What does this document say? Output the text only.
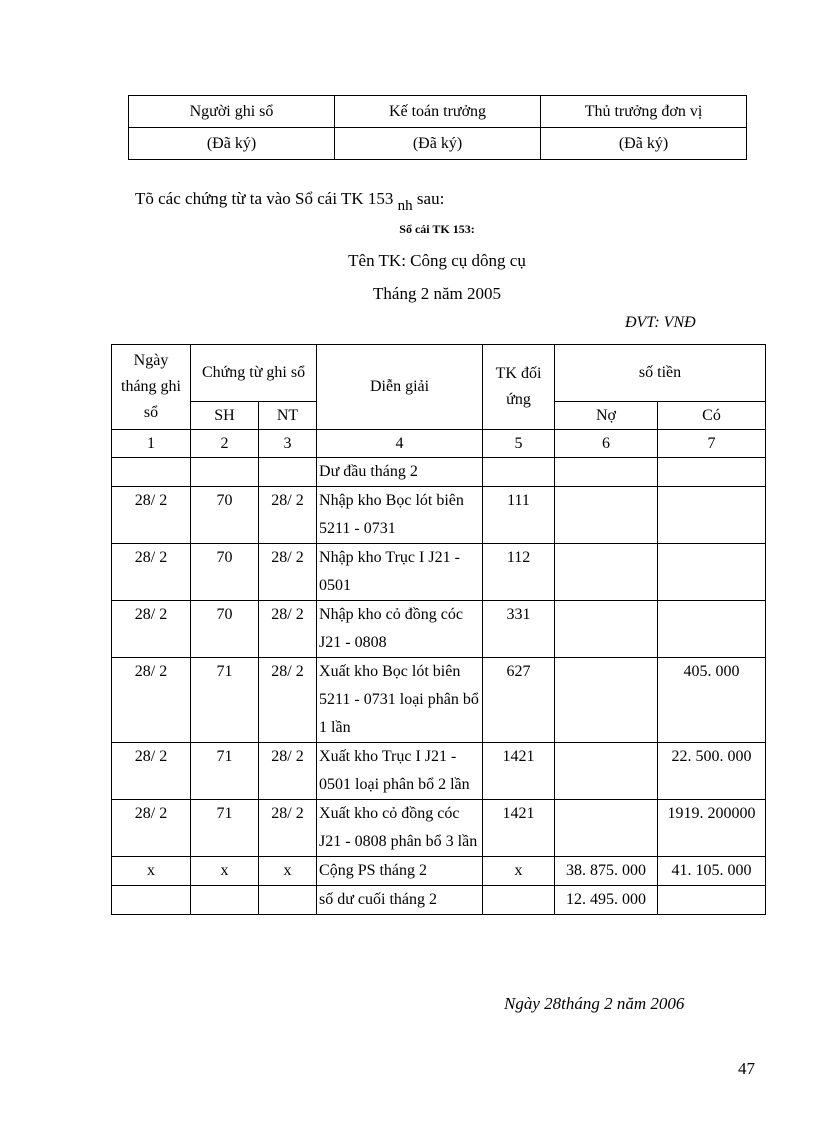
Người ghi sổ	Kế toán trưởng	Thủ trưởng đơn vị
(Đã ký)	(Đã ký)	(Đã ký)
Tõ các chứng từ ta vào Sổ cái TK 153 nh sau:
Sổ cái TK 153:
Tên TK: Công cụ dông cụ
Tháng 2 năm 2005
ĐVT: VNĐ
Ngày tháng ghi sổ	Chứng từ ghi sổ		Diễn giải	TK đối ứng	số tiền	
	SH	NT			Nợ	Có
1	2	3	4	5	6	7
			Dư đầu tháng 2			
28/ 2	70	28/ 2	Nhập kho Bọc lót biên 5211 - 0731	111		
28/ 2	70	28/ 2	Nhập kho Trục I J21 - 0501	112		
28/ 2	70	28/ 2	Nhập kho cỏ đồng cóc J21 - 0808	331		
28/ 2	71	28/ 2	Xuất kho Bọc lót biên 5211 - 0731 loại phân bổ 1 lần	627		405. 000
28/ 2	71	28/ 2	Xuất kho Trục I J21 - 0501 loại phân bổ 2 lần	1421		22. 500. 000
28/ 2	71	28/ 2	Xuất kho cỏ đồng cóc J21 - 0808 phân bổ 3 lần	1421		1919. 200000
x	x	x	Cộng PS tháng 2	x	38. 875. 000	41. 105. 000
			số dư cuối tháng 2		12. 495. 000	
Ngày 28tháng 2 năm 2006
47
